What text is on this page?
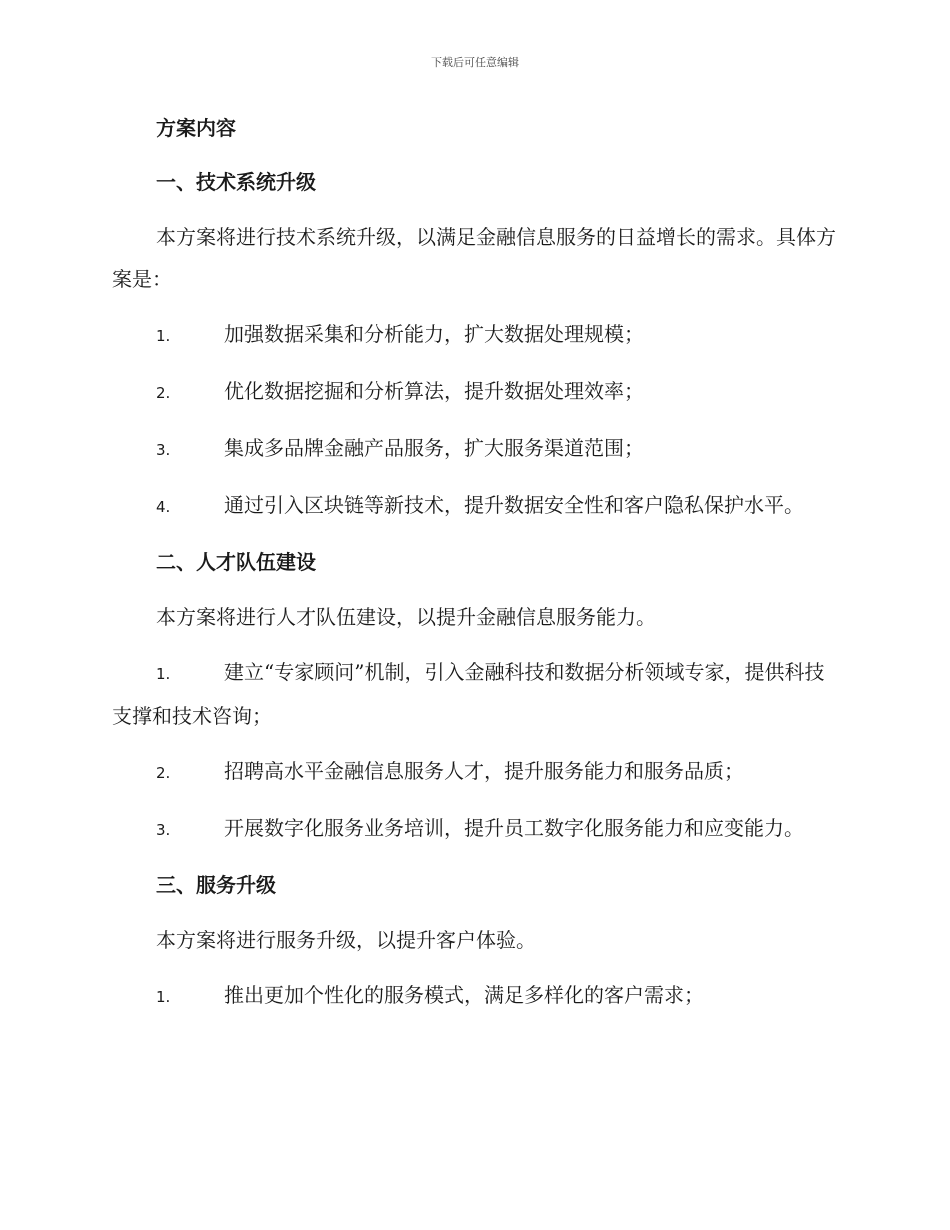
下载后可任意编辑

方案内容

一、技术系统升级

本方案将进行技术系统升级，以满足金融信息服务的日益增长的需求。具体方案是：

1.	加强数据采集和分析能力，扩大数据处理规模；

2.	优化数据挖掘和分析算法，提升数据处理效率；

3.	集成多品牌金融产品服务，扩大服务渠道范围；

4.	通过引入区块链等新技术，提升数据安全性和客户隐私保护水平。

二、人才队伍建设

本方案将进行人才队伍建设，以提升金融信息服务能力。

1.	建立“专家顾问”机制，引入金融科技和数据分析领域专家，提供科技支撑和技术咨询；

2.	招聘高水平金融信息服务人才，提升服务能力和服务品质；

3.	开展数字化服务业务培训，提升员工数字化服务能力和应变能力。

三、服务升级

本方案将进行服务升级，以提升客户体验。

1.	推出更加个性化的服务模式，满足多样化的客户需求；
